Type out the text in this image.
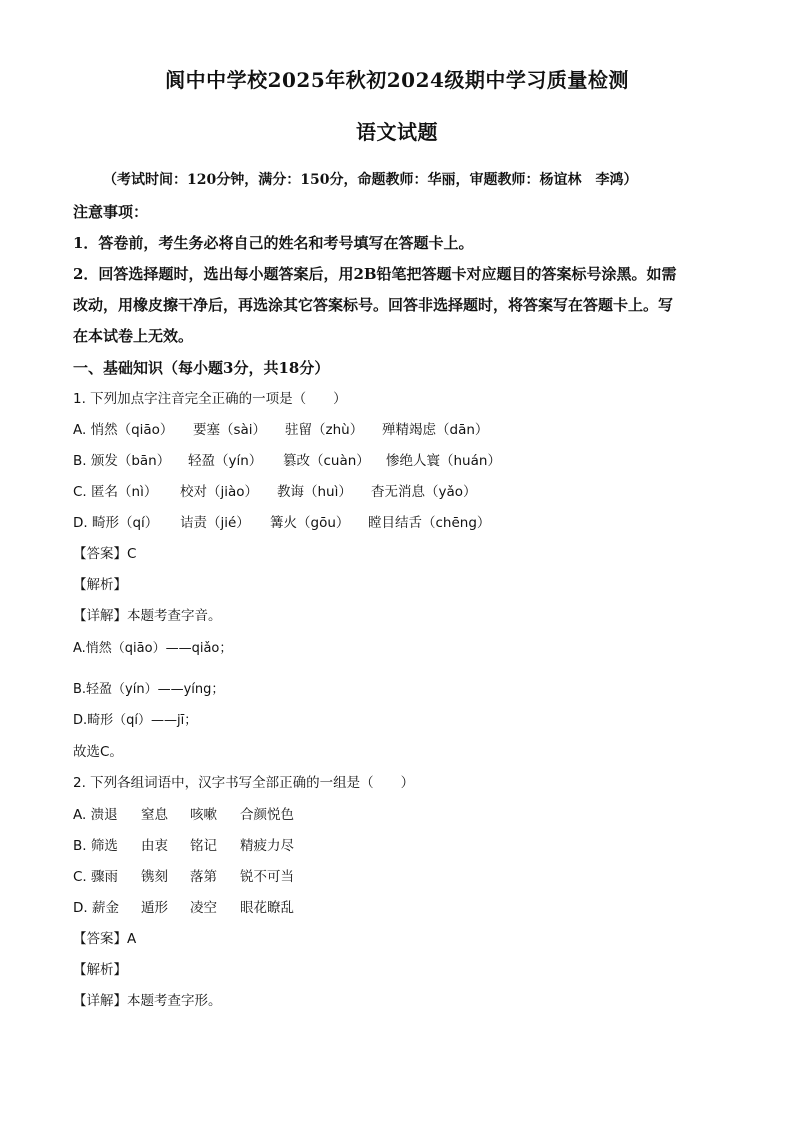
阆中中学校2025年秋初2024级期中学习质量检测
语文试题
（考试时间：120分钟，满分：150分，命题教师：华丽，审题教师：杨谊林　李鸿）
注意事项：
1．答卷前，考生务必将自己的姓名和考号填写在答题卡上。
2．回答选择题时，选出每小题答案后，用2B铅笔把答题卡对应题目的答案标号涂黑。如需
改动，用橡皮擦干净后，再选涂其它答案标号。回答非选择题时，将答案写在答题卡上。写
在本试卷上无效。
一、基础知识（每小题3分，共18分）
1. 下列加点字注音完全正确的一项是（　　）
A. 悄然（qiāo） 要塞（sài） 驻留（zhù） 殚精竭虑（dān）
B. 颁发（bān） 轻盈（yín） 篡改（cuàn） 惨绝人寰（huán）
C. 匿名（nì） 校对（jiào） 教诲（huì） 杳无消息（yǎo）
D. 畸形（qí） 诘责（jié） 篝火（gōu） 瞠目结舌（chēng）
【答案】C
【解析】
【详解】本题考查字音。
A.悄然（qiāo）——qiǎo；
B.轻盈（yín）——yíng；
D.畸形（qí）——jī；
故选C。
2. 下列各组词语中，汉字书写全部正确的一组是（　　）
A. 溃退 窒息 咳嗽 合颜悦色
B. 筛选 由衷 铭记 精疲力尽
C. 骤雨 镌刻 落第 锐不可当
D. 薪金 遁形 凌空 眼花瞭乱
【答案】A
【解析】
【详解】本题考查字形。
